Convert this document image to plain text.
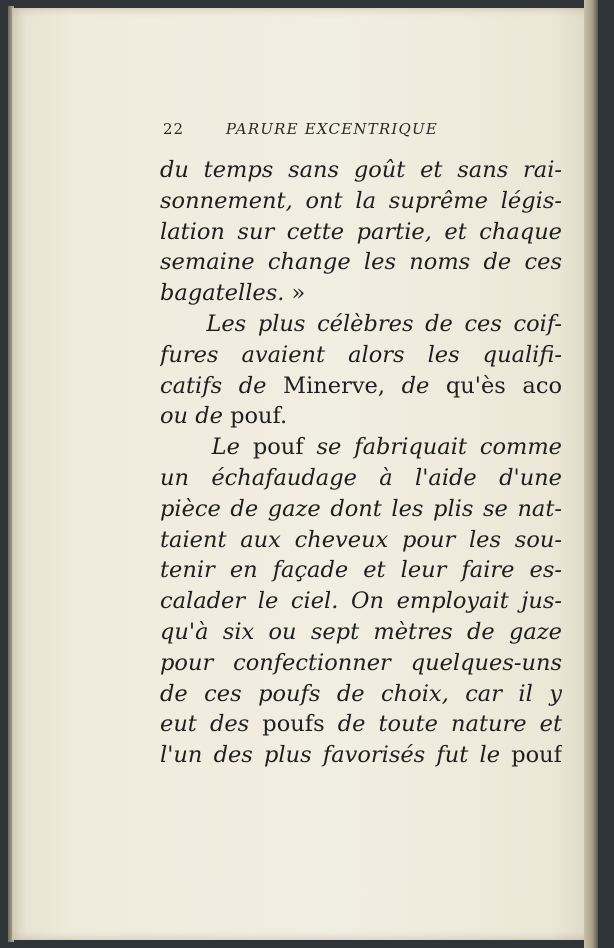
22	PARURE EXCENTRIQUE
du temps sans goût et sans rai-
sonnement, ont la suprême légis-
lation sur cette partie, et chaque
semaine change les noms de ces
bagatelles. »
Les plus célèbres de ces coif-
fures avaient alors les qualifi-
catifs de Minerve, de qu'ès aco
ou de pouf.
Le pouf se fabriquait comme
un échafaudage à l'aide d'une
pièce de gaze dont les plis se nat-
taient aux cheveux pour les sou-
tenir en façade et leur faire es-
calader le ciel. On employait jus-
qu'à six ou sept mètres de gaze
pour confectionner quelques-uns
de ces poufs de choix, car il y
eut des poufs de toute nature et
l'un des plus favorisés fut le pouf
